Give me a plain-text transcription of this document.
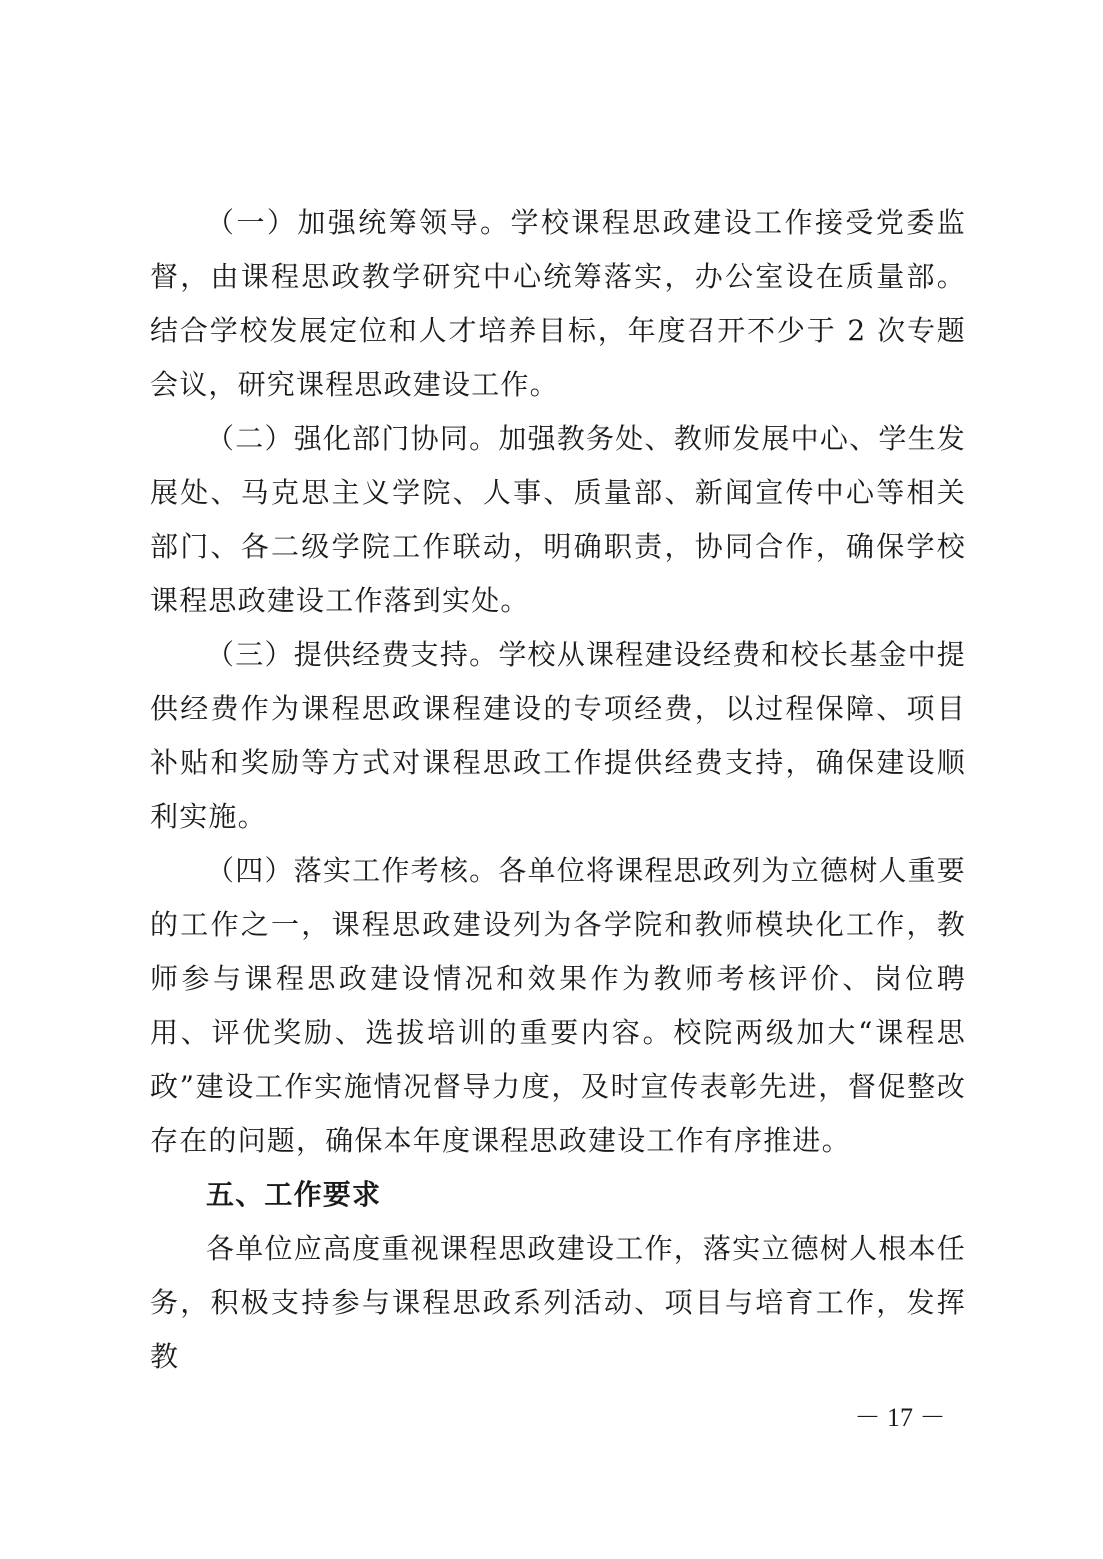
（一）加强统筹领导。学校课程思政建设工作接受党委监督，由课程思政教学研究中心统筹落实，办公室设在质量部。结合学校发展定位和人才培养目标，年度召开不少于 2 次专题会议，研究课程思政建设工作。

（二）强化部门协同。加强教务处、教师发展中心、学生发展处、马克思主义学院、人事、质量部、新闻宣传中心等相关部门、各二级学院工作联动，明确职责，协同合作，确保学校课程思政建设工作落到实处。

（三）提供经费支持。学校从课程建设经费和校长基金中提供经费作为课程思政课程建设的专项经费，以过程保障、项目补贴和奖励等方式对课程思政工作提供经费支持，确保建设顺利实施。

（四）落实工作考核。各单位将课程思政列为立德树人重要的工作之一，课程思政建设列为各学院和教师模块化工作，教师参与课程思政建设情况和效果作为教师考核评价、岗位聘用、评优奖励、选拔培训的重要内容。校院两级加大“课程思政”建设工作实施情况督导力度，及时宣传表彰先进，督促整改存在的问题，确保本年度课程思政建设工作有序推进。

五、工作要求

各单位应高度重视课程思政建设工作，落实立德树人根本任务，积极支持参与课程思政系列活动、项目与培育工作，发挥教

－ 17 －
